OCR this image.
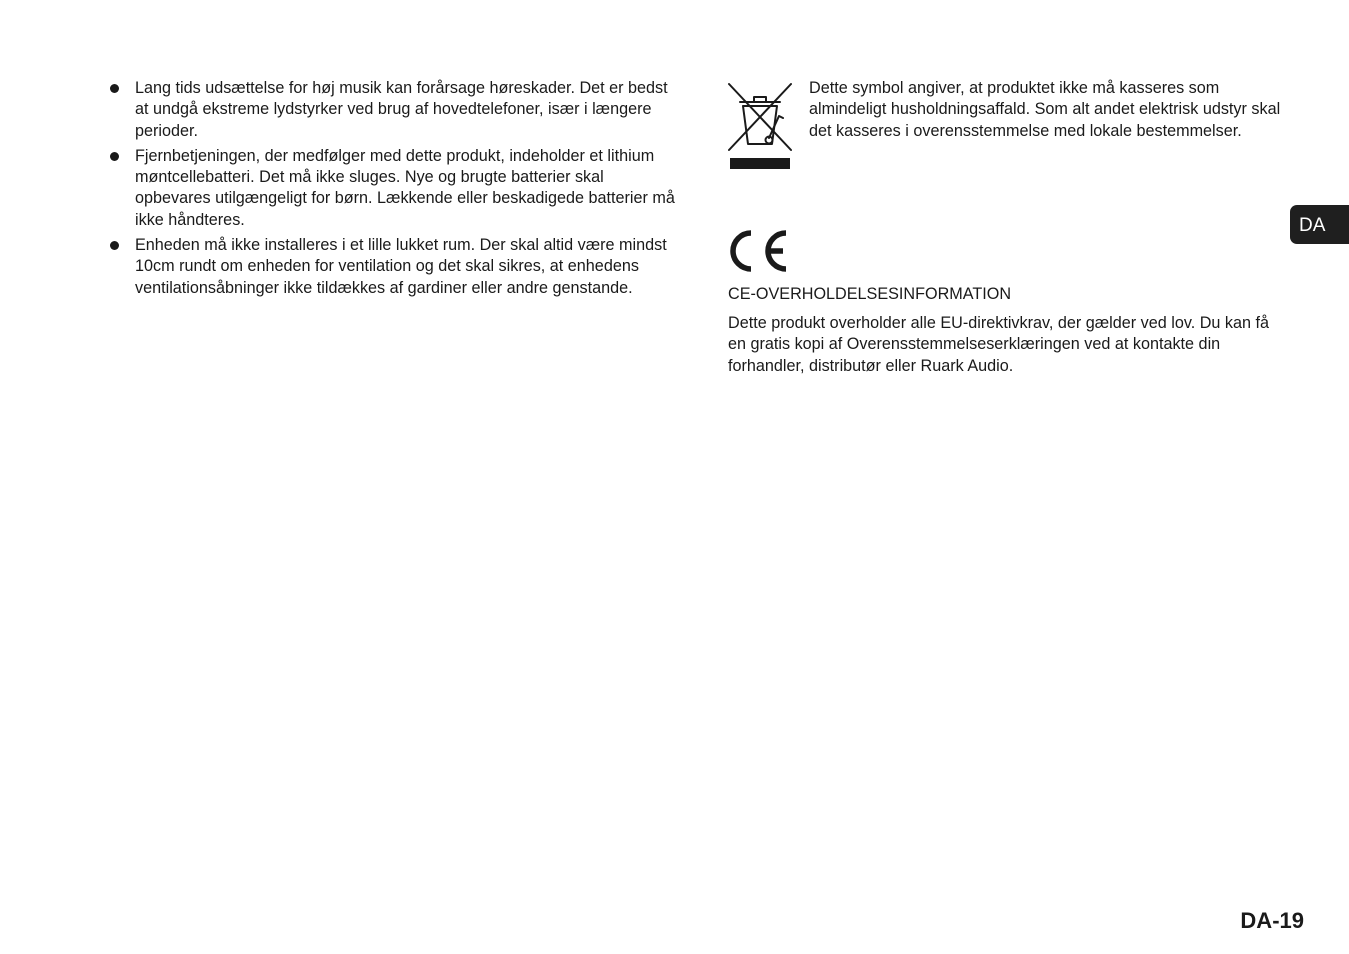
Lang tids udsættelse for høj musik kan forårsage høreskader. Det er bedst at undgå ekstreme lydstyrker ved brug af hovedtelefoner, især i længere perioder.
Fjernbetjeningen, der medfølger med dette produkt, indeholder et lithium møntcellebatteri. Det må ikke sluges. Nye og brugte batterier skal opbevares utilgængeligt for børn. Lækkende eller beskadigede batterier må ikke håndteres.
Enheden må ikke installeres i et lille lukket rum. Der skal altid være mindst 10cm rundt om enheden for ventilation og det skal sikres, at enhedens ventilationsåbninger ikke tildækkes af gardiner eller andre genstande.

Dette symbol angiver, at produktet ikke må kasseres som almindeligt husholdningsaffald. Som alt andet elektrisk udstyr skal det kasseres i overensstemmelse med lokale bestemmelser.

CE-OVERHOLDELSESINFORMATION

Dette produkt overholder alle EU-direktivkrav, der gælder ved lov. Du kan få en gratis kopi af Overensstemmelseserklæringen ved at kontakte din forhandler, distributør eller Ruark Audio.

DA
DA-19
